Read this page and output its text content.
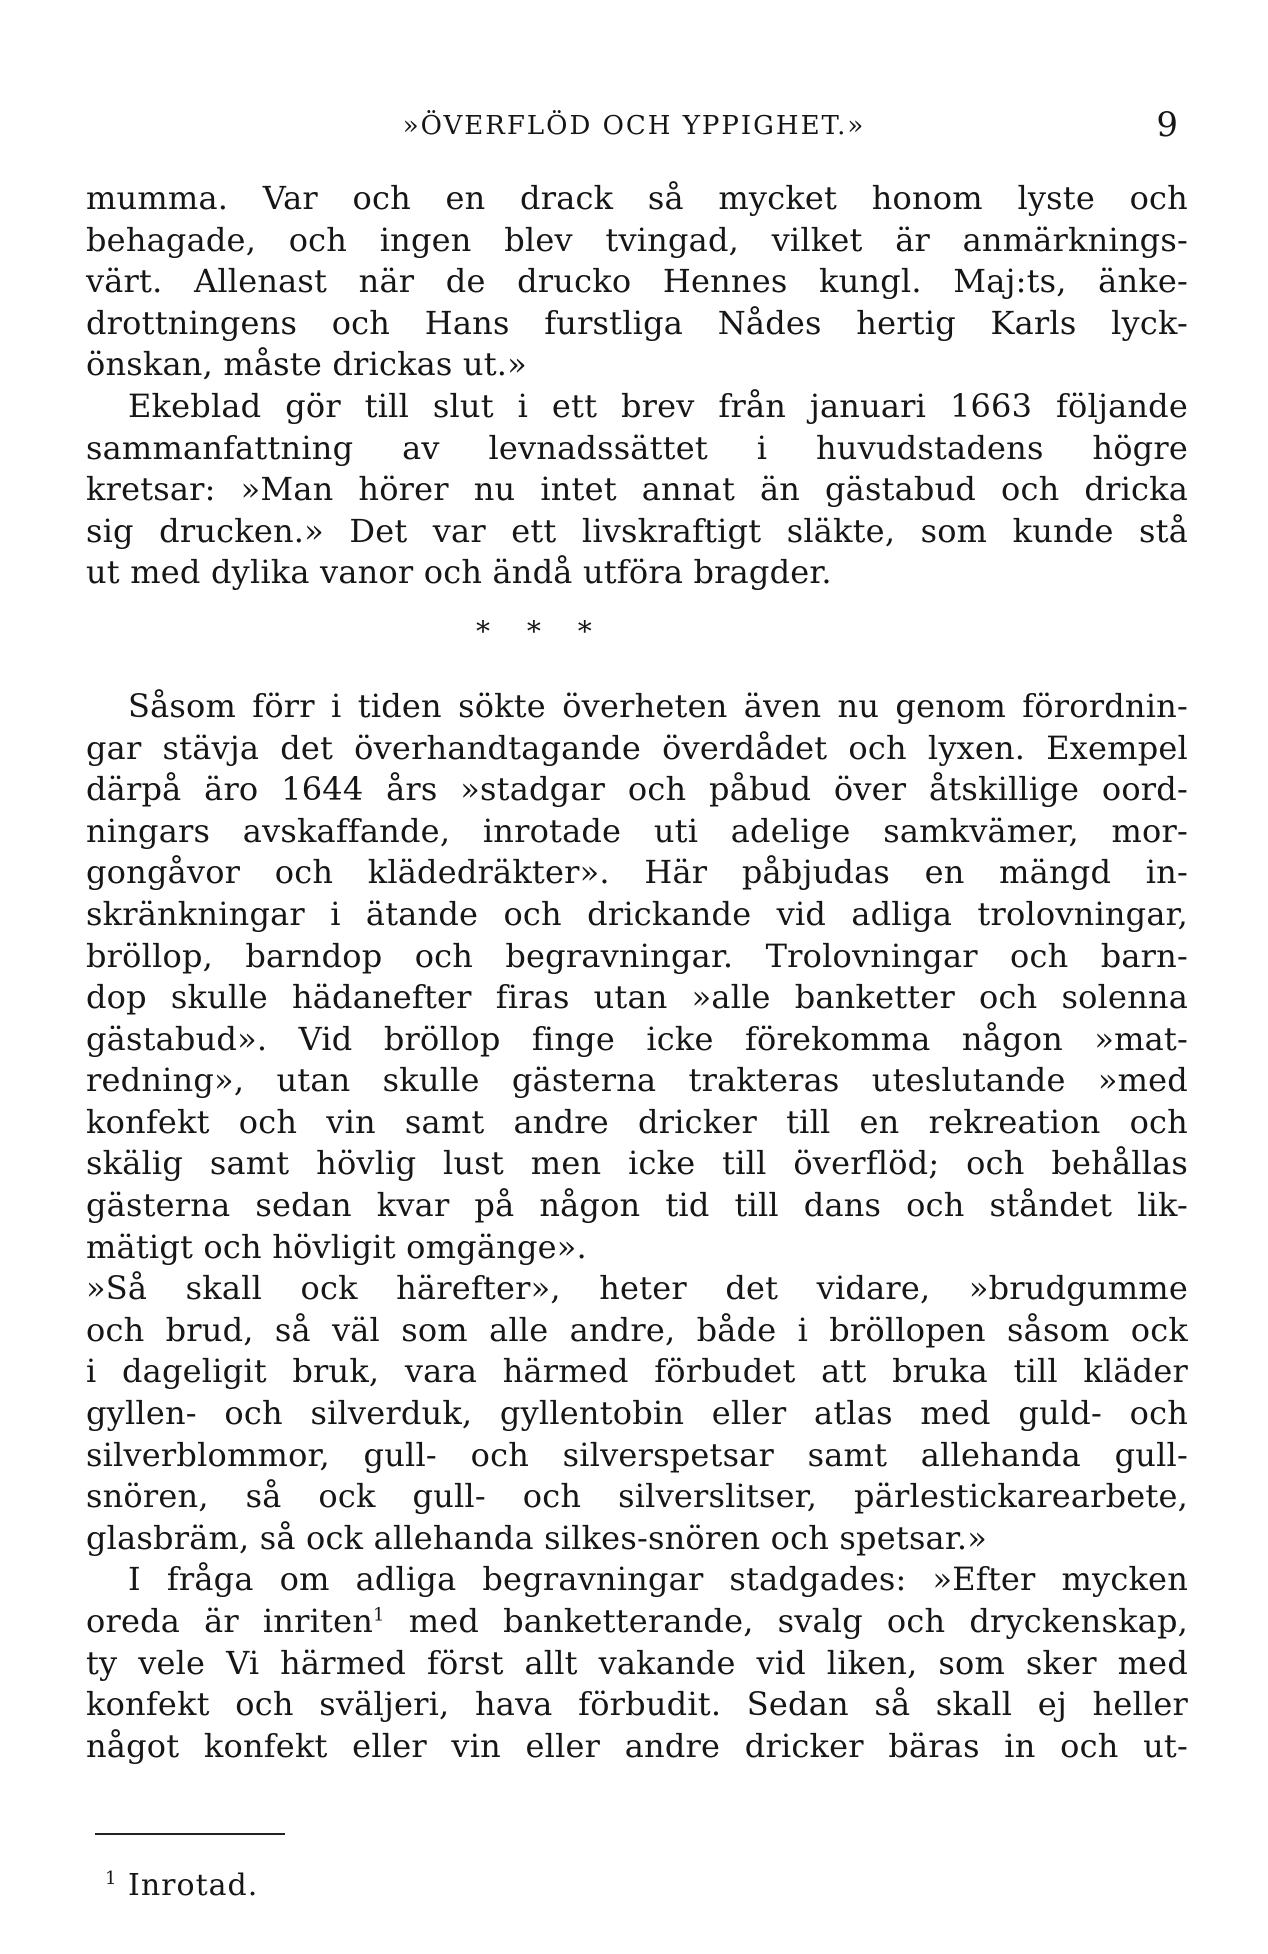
»ÖVERFLÖD OCH YPPIGHET.»	9
mumma. Var och en drack så mycket honom lyste och
behagade, och ingen blev tvingad, vilket är anmärknings-
värt. Allenast när de drucko Hennes kungl. Maj:ts, änke-
drottningens och Hans furstliga Nådes hertig Karls lyck-
önskan, måste drickas ut.»
Ekeblad gör till slut i ett brev från januari 1663 följande
sammanfattning av levnadssättet i huvudstadens högre
kretsar: »Man hörer nu intet annat än gästabud och dricka
sig drucken.» Det var ett livskraftigt släkte, som kunde stå
ut med dylika vanor och ändå utföra bragder.
* * *
Såsom förr i tiden sökte överheten även nu genom förordnin-
gar stävja det överhandtagande överdådet och lyxen. Exempel
därpå äro 1644 års »stadgar och påbud över åtskillige oord-
ningars avskaffande, inrotade uti adelige samkvämer, mor-
gongåvor och klädedräkter». Här påbjudas en mängd in-
skränkningar i ätande och drickande vid adliga trolovningar,
bröllop, barndop och begravningar. Trolovningar och barn-
dop skulle hädanefter firas utan »alle banketter och solenna
gästabud». Vid bröllop finge icke förekomma någon »mat-
redning», utan skulle gästerna trakteras uteslutande »med
konfekt och vin samt andre dricker till en rekreation och
skälig samt hövlig lust men icke till överflöd; och behållas
gästerna sedan kvar på någon tid till dans och ståndet lik-
mätigt och hövligit omgänge».
»Så skall ock härefter», heter det vidare, »brudgumme
och brud, så väl som alle andre, både i bröllopen såsom ock
i dageligit bruk, vara härmed förbudet att bruka till kläder
gyllen- och silverduk, gyllentobin eller atlas med guld- och
silverblommor, gull- och silverspetsar samt allehanda gull-
snören, så ock gull- och silverslitser, pärlestickarearbete,
glasbräm, så ock allehanda silkes-snören och spetsar.»
I fråga om adliga begravningar stadgades: »Efter mycken
oreda är inriten$^1$ med banketterande, svalg och dryckenskap,
ty vele Vi härmed först allt vakande vid liken, som sker med
konfekt och svälјeri, hava förbudit. Sedan så skall ej heller
något konfekt eller vin eller andre dricker bäras in och ut-
$^1$ Inrotad.
